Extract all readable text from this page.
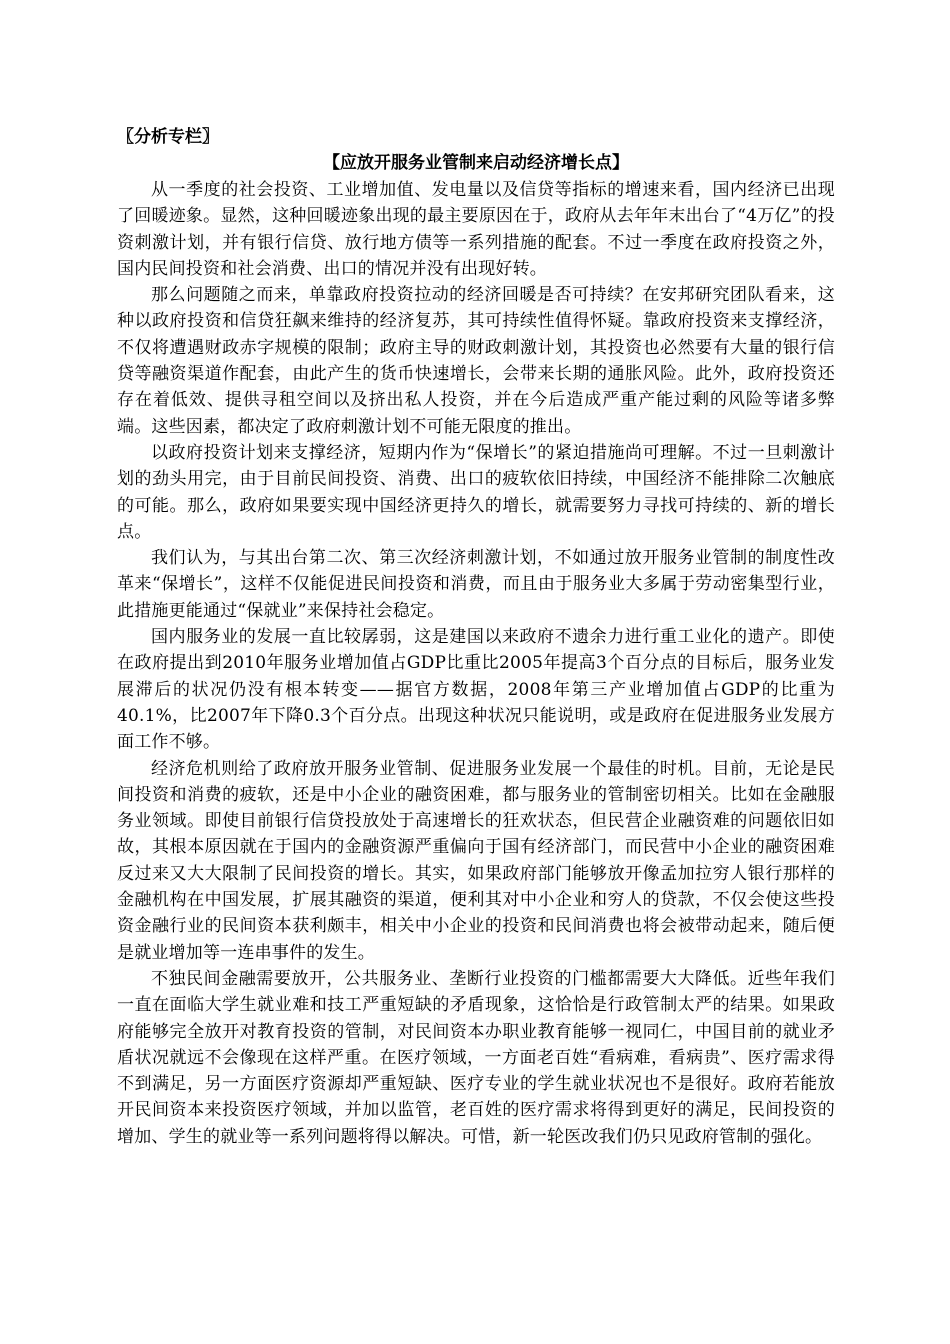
〖分析专栏〗

【应放开服务业管制来启动经济增长点】

从一季度的社会投资、工业增加值、发电量以及信贷等指标的增速来看，国内经济已出现了回暖迹象。显然，这种回暖迹象出现的最主要原因在于，政府从去年年末出台了“4万亿”的投资刺激计划，并有银行信贷、放行地方债等一系列措施的配套。不过一季度在政府投资之外，国内民间投资和社会消费、出口的情况并没有出现好转。

那么问题随之而来，单靠政府投资拉动的经济回暖是否可持续？在安邦研究团队看来，这种以政府投资和信贷狂飙来维持的经济复苏，其可持续性值得怀疑。靠政府投资来支撑经济，不仅将遭遇财政赤字规模的限制；政府主导的财政刺激计划，其投资也必然要有大量的银行信贷等融资渠道作配套，由此产生的货币快速增长，会带来长期的通胀风险。此外，政府投资还存在着低效、提供寻租空间以及挤出私人投资，并在今后造成严重产能过剩的风险等诸多弊端。这些因素，都决定了政府刺激计划不可能无限度的推出。

以政府投资计划来支撑经济，短期内作为“保增长”的紧迫措施尚可理解。不过一旦刺激计划的劲头用完，由于目前民间投资、消费、出口的疲软依旧持续，中国经济不能排除二次触底的可能。那么，政府如果要实现中国经济更持久的增长，就需要努力寻找可持续的、新的增长点。

我们认为，与其出台第二次、第三次经济刺激计划，不如通过放开服务业管制的制度性改革来“保增长”，这样不仅能促进民间投资和消费，而且由于服务业大多属于劳动密集型行业，此措施更能通过“保就业”来保持社会稳定。

国内服务业的发展一直比较孱弱，这是建国以来政府不遗余力进行重工业化的遗产。即使在政府提出到2010年服务业增加值占GDP比重比2005年提高3个百分点的目标后，服务业发展滞后的状况仍没有根本转变——据官方数据，2008年第三产业增加值占GDP的比重为40.1%，比2007年下降0.3个百分点。出现这种状况只能说明，或是政府在促进服务业发展方面工作不够。

经济危机则给了政府放开服务业管制、促进服务业发展一个最佳的时机。目前，无论是民间投资和消费的疲软，还是中小企业的融资困难，都与服务业的管制密切相关。比如在金融服务业领域。即使目前银行信贷投放处于高速增长的狂欢状态，但民营企业融资难的问题依旧如故，其根本原因就在于国内的金融资源严重偏向于国有经济部门，而民营中小企业的融资困难反过来又大大限制了民间投资的增长。其实，如果政府部门能够放开像孟加拉穷人银行那样的金融机构在中国发展，扩展其融资的渠道，便利其对中小企业和穷人的贷款，不仅会使这些投资金融行业的民间资本获利颇丰，相关中小企业的投资和民间消费也将会被带动起来，随后便是就业增加等一连串事件的发生。

不独民间金融需要放开，公共服务业、垄断行业投资的门槛都需要大大降低。近些年我们一直在面临大学生就业难和技工严重短缺的矛盾现象，这恰恰是行政管制太严的结果。如果政府能够完全放开对教育投资的管制，对民间资本办职业教育能够一视同仁，中国目前的就业矛盾状况就远不会像现在这样严重。在医疗领域，一方面老百姓“看病难，看病贵”、医疗需求得不到满足，另一方面医疗资源却严重短缺、医疗专业的学生就业状况也不是很好。政府若能放开民间资本来投资医疗领域，并加以监管，老百姓的医疗需求将得到更好的满足，民间投资的增加、学生的就业等一系列问题将得以解决。可惜，新一轮医改我们仍只见政府管制的强化。
